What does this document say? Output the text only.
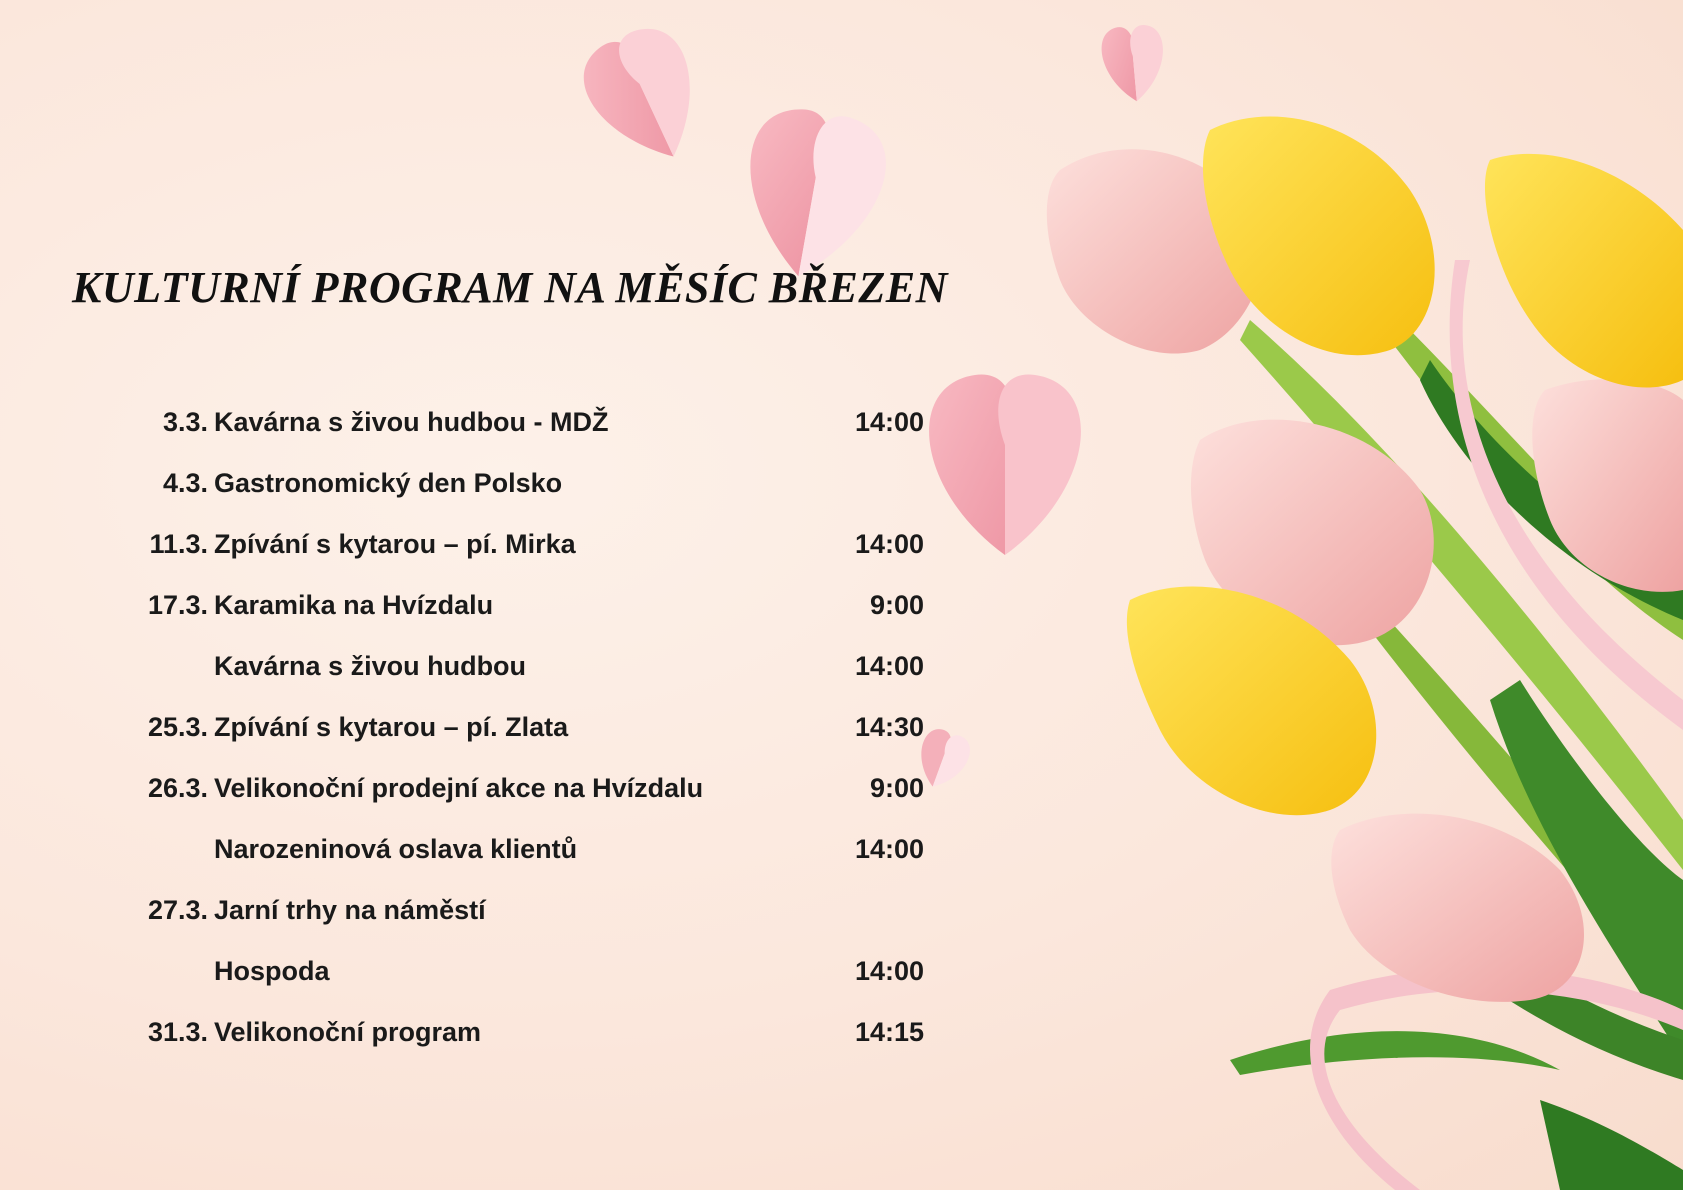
KULTURNÍ PROGRAM NA MĚSÍC BŘEZEN
3.3. Kavárna s živou hudbou - MDŽ	14:00
4.3. Gastronomický den Polsko
11.3. Zpívání s kytarou – pí. Mirka	14:00
17.3. Karamika na Hvízdalu	9:00
Kavárna s živou hudbou	14:00
25.3. Zpívání s kytarou – pí. Zlata	14:30
26.3. Velikonoční prodejní akce na Hvízdalu	9:00
Narozeninová oslava klientů	14:00
27.3. Jarní trhy na náměstí
Hospoda	14:00
31.3. Velikonoční program	14:15
